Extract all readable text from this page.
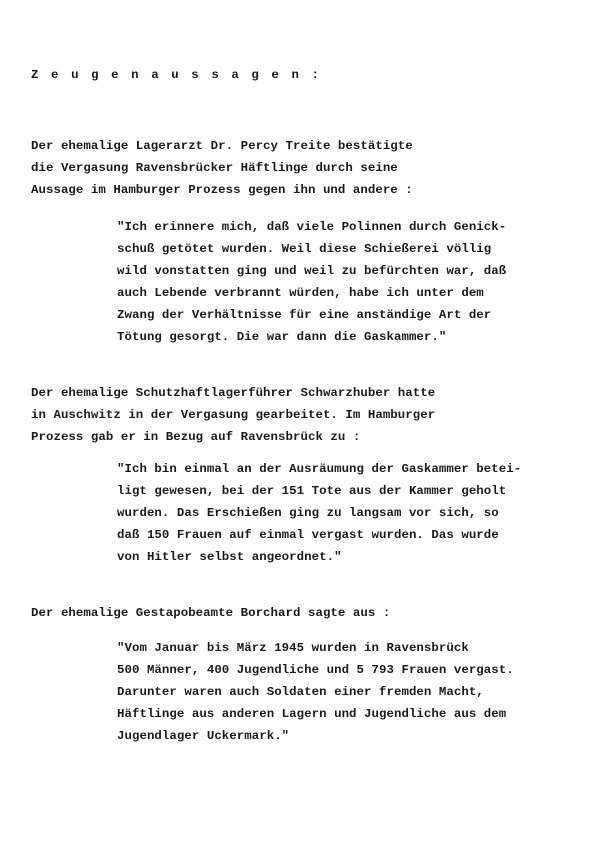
Zeugenaussagen:
Der ehemalige Lagerarzt Dr. Percy Treite bestätigte
die Vergasung Ravensbrücker Häftlinge durch seine
Aussage im Hamburger Prozess gegen ihn und andere :
"Ich erinnere mich, daß viele Polinnen durch Genick-
schuß getötet wurden. Weil diese Schießerei völlig
wild vonstatten ging und weil zu befürchten war, daß
auch Lebende verbrannt würden, habe ich unter dem
Zwang der Verhältnisse für eine anständige Art der
Tötung gesorgt. Die war dann die Gaskammer."
Der ehemalige Schutzhaftlagerführer Schwarzhuber hatte
in Auschwitz in der Vergasung gearbeitet. Im Hamburger
Prozess gab er in Bezug auf Ravensbrück zu :
"Ich bin einmal an der Ausräumung der Gaskammer betei-
ligt gewesen, bei der 151 Tote aus der Kammer geholt
wurden. Das Erschießen ging zu langsam vor sich, so
daß 150 Frauen auf einmal vergast wurden. Das wurde
von Hitler selbst angeordnet."
Der ehemalige Gestapobeamte Borchard sagte aus :
"Vom Januar bis März 1945 wurden in Ravensbrück
500 Männer, 400 Jugendliche und 5 793 Frauen vergast.
Darunter waren auch Soldaten einer fremden Macht,
Häftlinge aus anderen Lagern und Jugendliche aus dem
Jugendlager Uckermark."
